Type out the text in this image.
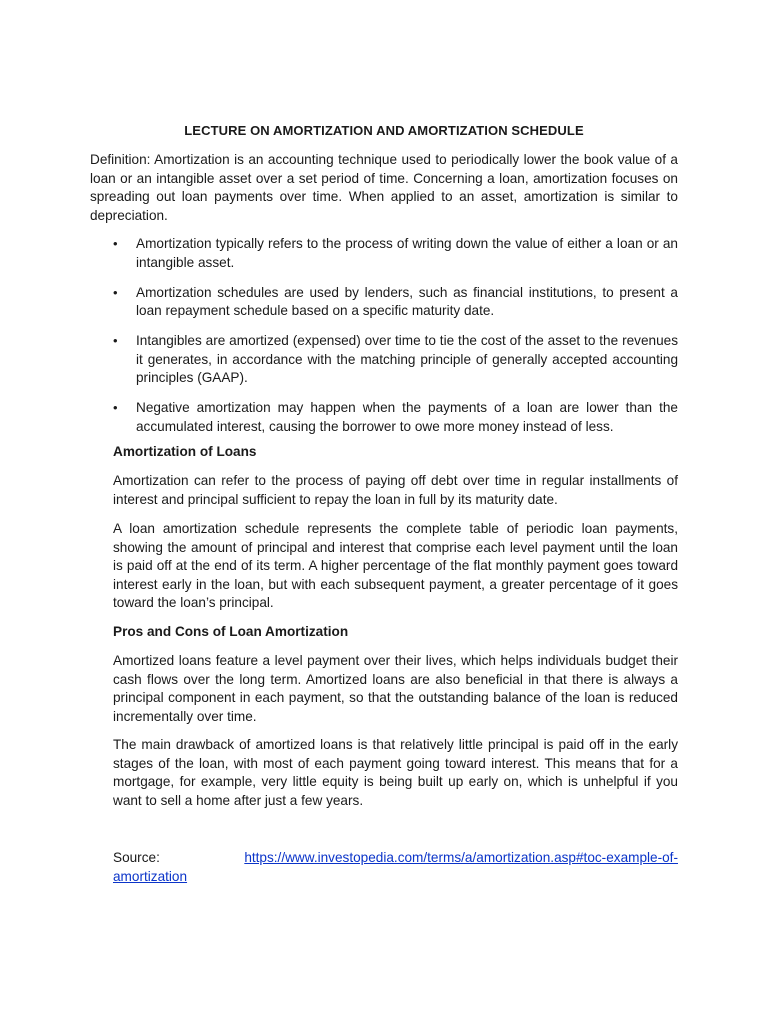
LECTURE ON AMORTIZATION AND AMORTIZATION SCHEDULE

Definition: Amortization is an accounting technique used to periodically lower the book value of a loan or an intangible asset over a set period of time. Concerning a loan, amortization focuses on spreading out loan payments over time. When applied to an asset, amortization is similar to depreciation.

• Amortization typically refers to the process of writing down the value of either a loan or an intangible asset.
• Amortization schedules are used by lenders, such as financial institutions, to present a loan repayment schedule based on a specific maturity date.
• Intangibles are amortized (expensed) over time to tie the cost of the asset to the revenues it generates, in accordance with the matching principle of generally accepted accounting principles (GAAP).
• Negative amortization may happen when the payments of a loan are lower than the accumulated interest, causing the borrower to owe more money instead of less.
Amortization of Loans

Amortization can refer to the process of paying off debt over time in regular installments of interest and principal sufficient to repay the loan in full by its maturity date.

A loan amortization schedule represents the complete table of periodic loan payments, showing the amount of principal and interest that comprise each level payment until the loan is paid off at the end of its term. A higher percentage of the flat monthly payment goes toward interest early in the loan, but with each subsequent payment, a greater percentage of it goes toward the loan’s principal.

Pros and Cons of Loan Amortization

Amortized loans feature a level payment over their lives, which helps individuals budget their cash flows over the long term. Amortized loans are also beneficial in that there is always a principal component in each payment, so that the outstanding balance of the loan is reduced incrementally over time.

The main drawback of amortized loans is that relatively little principal is paid off in the early stages of the loan, with most of each payment going toward interest. This means that for a mortgage, for example, very little equity is being built up early on, which is unhelpful if you want to sell a home after just a few years.

Source:	https://www.investopedia.com/terms/a/amortization.asp#toc-example-of-
amortization
